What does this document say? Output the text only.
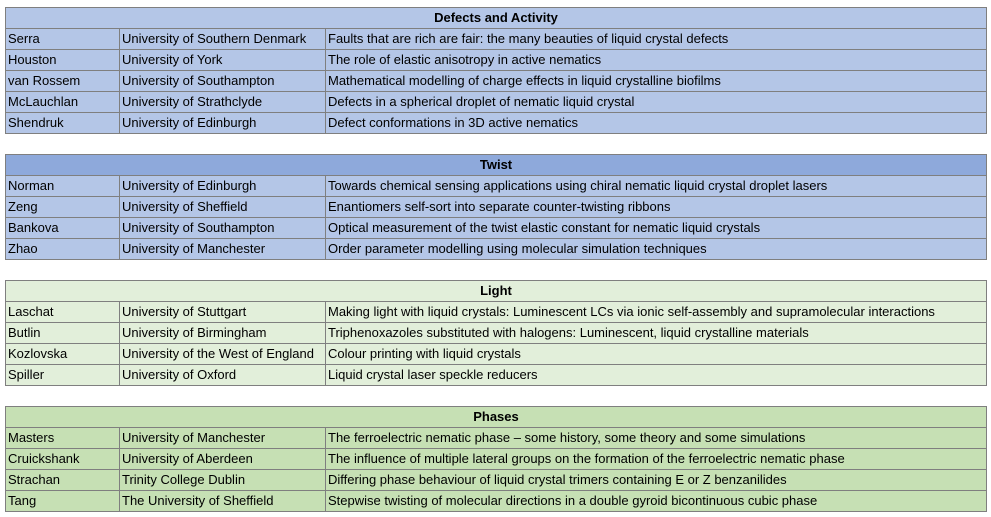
Defects and Activity		
Serra	University of Southern Denmark	Faults that are rich are fair: the many beauties of liquid crystal defects
Houston	University of York	The role of elastic anisotropy in active nematics
van Rossem	University of Southampton	Mathematical modelling of charge effects in liquid crystalline biofilms
McLauchlan	University of Strathclyde	Defects in a spherical droplet of nematic liquid crystal
Shendruk	University of Edinburgh	Defect conformations in 3D active nematics
Twist		
Norman	University of Edinburgh	Towards chemical sensing applications using chiral nematic liquid crystal droplet lasers
Zeng	University of Sheffield	Enantiomers self-sort into separate counter-twisting ribbons
Bankova	University of Southampton	Optical measurement of the twist elastic constant for nematic liquid crystals
Zhao	University of Manchester	Order parameter modelling using molecular simulation techniques
Light		
Laschat	University of Stuttgart	Making light with liquid crystals: Luminescent LCs via ionic self-assembly and supramolecular interactions
Butlin	University of Birmingham	Triphenoxazoles substituted with halogens: Luminescent, liquid crystalline materials
Kozlovska	University of the West of England	Colour printing with liquid crystals
Spiller	University of Oxford	Liquid crystal laser speckle reducers
Phases		
Masters	University of Manchester	The ferroelectric nematic phase – some history, some theory and some simulations
Cruickshank	University of Aberdeen	The influence of multiple lateral groups on the formation of the ferroelectric nematic phase
Strachan	Trinity College Dublin	Differing phase behaviour of liquid crystal trimers containing E or Z benzanilides
Tang	The University of Sheffield	Stepwise twisting of molecular directions in a double gyroid bicontinuous cubic phase
